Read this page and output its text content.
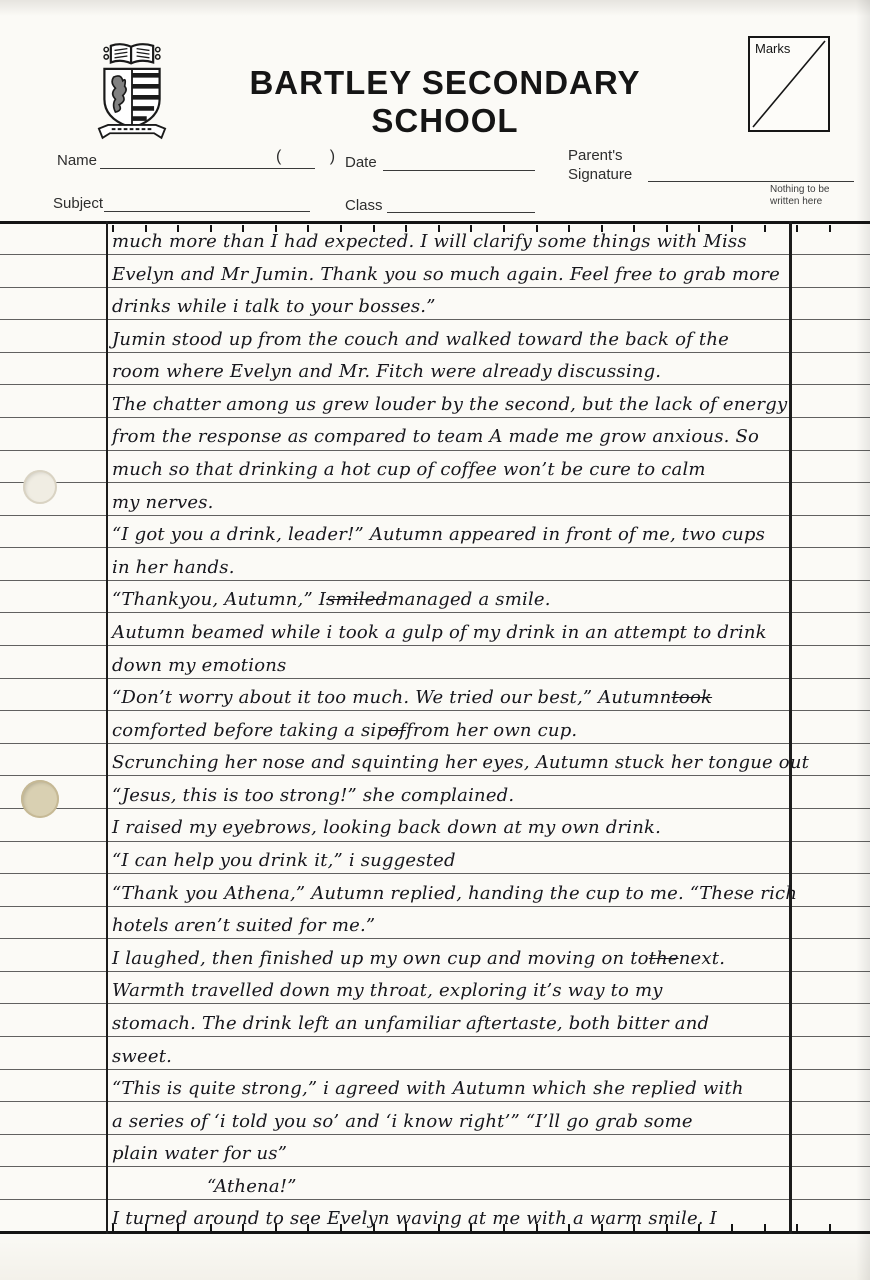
BARTLEY SECONDARY SCHOOL
Marks
Name	( )
Date	Parent's
Signature
Subject	Class
Nothing to be
written here
much more than I had expected. I will clarify some things with Miss
Evelyn and Mr Jumin. Thank you so much again. Feel free to grab more
drinks while i talk to your bosses.”
Jumin stood up from the couch and walked toward the back of the
room where Evelyn and Mr. Fitch were already discussing.
The chatter among us grew louder by the second, but the lack of energy
from the response as compared to team A made me grow anxious. So
much so that drinking a hot cup of coffee won’t be cure to calm
my nerves.
“I got you a drink, leader!” Autumn appeared in front of me, two cups
in her hands.
“Thankyou, Autumn,” I smiled managed a smile.
Autumn beamed while i took a gulp of my drink in an attempt to drink
down my emotions
“Don’t worry about it too much. We tried our best,” Autumn took
comforted before taking a sip of from her own cup.
Scrunching her nose and squinting her eyes, Autumn stuck her tongue out
“Jesus, this is too strong!” she complained.
I raised my eyebrows, looking back down at my own drink.
“I can help you drink it,” i suggested
“Thank you Athena,” Autumn replied, handing the cup to me. “These rich
hotels aren’t suited for me.”
I laughed, then finished up my own cup and moving on to the next.
Warmth travelled down my throat, exploring it’s way to my
stomach. The drink left an unfamiliar aftertaste, both bitter and
sweet.
“This is quite strong,” i agreed with Autumn which she replied with
a series of ‘i told you so’ and ‘i know right’” “I’ll go grab some
plain water for us”
“Athena!”
I turned around to see Evelyn waving at me with a warm smile. I
